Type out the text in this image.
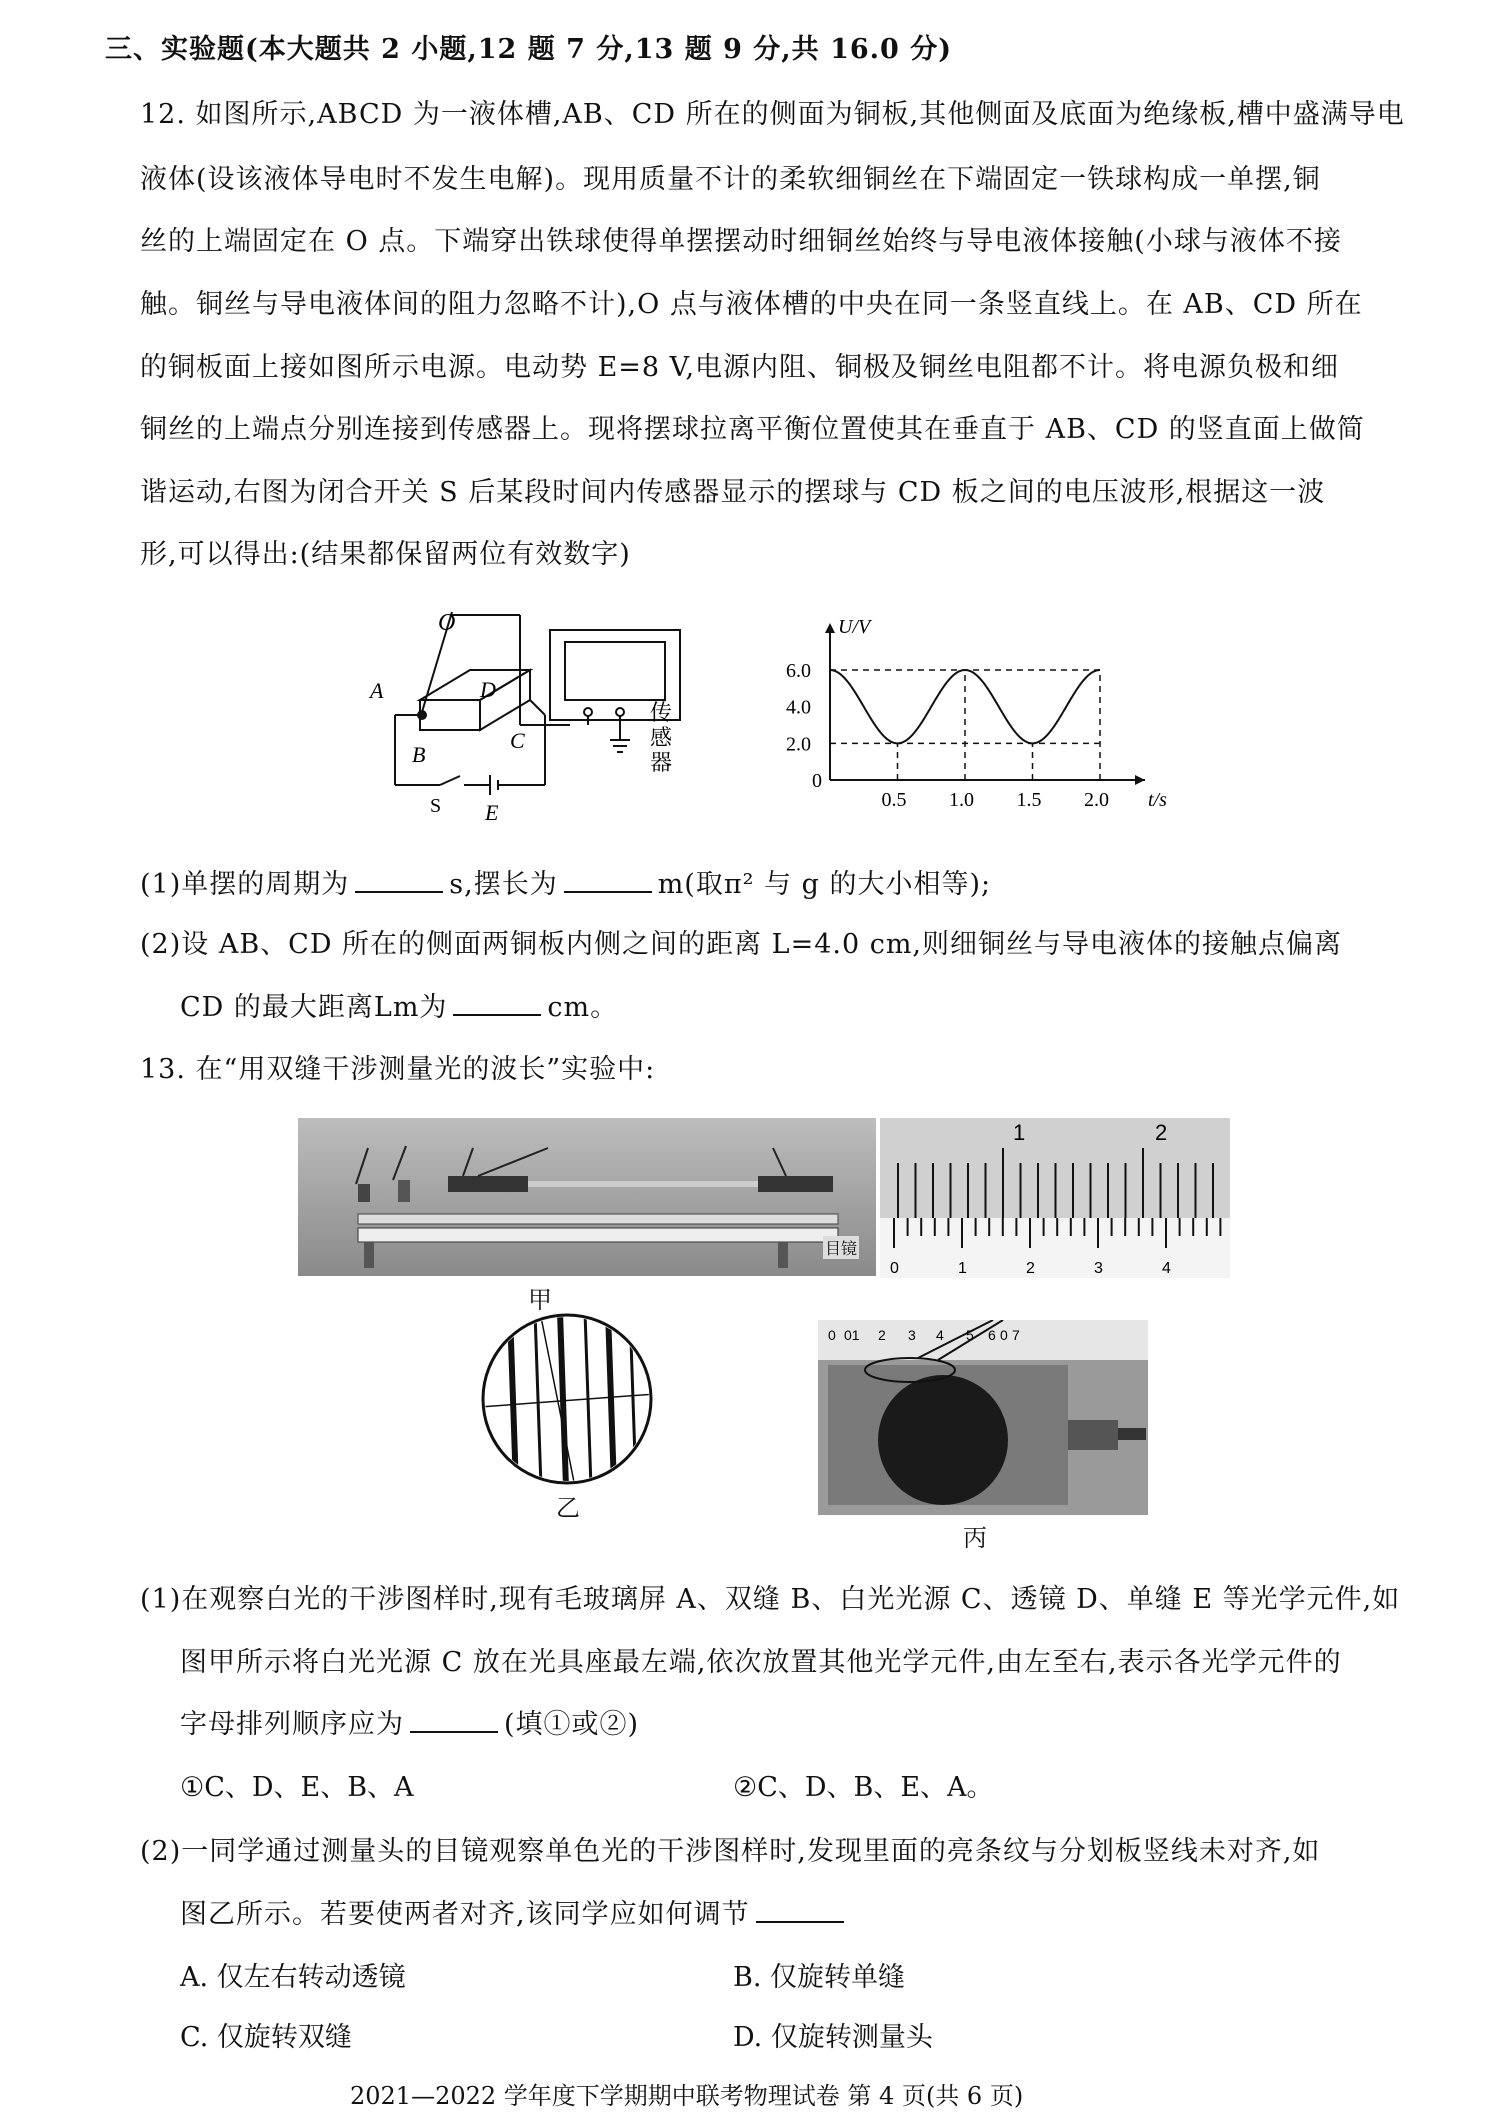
三、实验题(本大题共 2 小题,12 题 7 分,13 题 9 分,共 16.0 分)
12. 如图所示,ABCD 为一液体槽,AB、CD 所在的侧面为铜板,其他侧面及底面为绝缘板,槽中盛满导电
液体(设该液体导电时不发生电解)。现用质量不计的柔软细铜丝在下端固定一铁球构成一单摆,铜
丝的上端固定在 O 点。下端穿出铁球使得单摆摆动时细铜丝始终与导电液体接触(小球与液体不接
触。铜丝与导电液体间的阻力忽略不计),O 点与液体槽的中央在同一条竖直线上。在 AB、CD 所在
的铜板面上接如图所示电源。电动势 E=8 V,电源内阻、铜极及铜丝电阻都不计。将电源负极和细
铜丝的上端点分别连接到传感器上。现将摆球拉离平衡位置使其在垂直于 AB、CD 的竖直面上做简
谐运动,右图为闭合开关 S 后某段时间内传感器显示的摆球与 CD 板之间的电压波形,根据这一波
形,可以得出:(结果都保留两位有效数字)
O
A	D
C
B
S E
传
感
器
0.5 1.0 1.5 2.0
6.0
4.0
2.0
0
t/s
U/V
(1)单摆的周期为	s,摆长为	m(取π² 与 g 的大小相等);
(2)设 AB、CD 所在的侧面两铜板内侧之间的距离 L=4.0 cm,则细铜丝与导电液体的接触点偏离
CD 的最大距离Lm为	cm。
13. 在“用双缝干涉测量光的波长”实验中:
目镜
1	2
0	1	2	3	4
甲
乙
0 01 2 3 4 5 6 0 7
丙
(1)在观察白光的干涉图样时,现有毛玻璃屏 A、双缝 B、白光光源 C、透镜 D、单缝 E 等光学元件,如
图甲所示将白光光源 C 放在光具座最左端,依次放置其他光学元件,由左至右,表示各光学元件的
字母排列顺序应为	(填①或②)
①C、D、E、B、A	②C、D、B、E、A。
(2)一同学通过测量头的目镜观察单色光的干涉图样时,发现里面的亮条纹与分划板竖线未对齐,如
图乙所示。若要使两者对齐,该同学应如何调节
A. 仅左右转动透镜	B. 仅旋转单缝
C. 仅旋转双缝	D. 仅旋转测量头
2021—2022 学年度下学期期中联考物理试卷 第 4 页(共 6 页)
